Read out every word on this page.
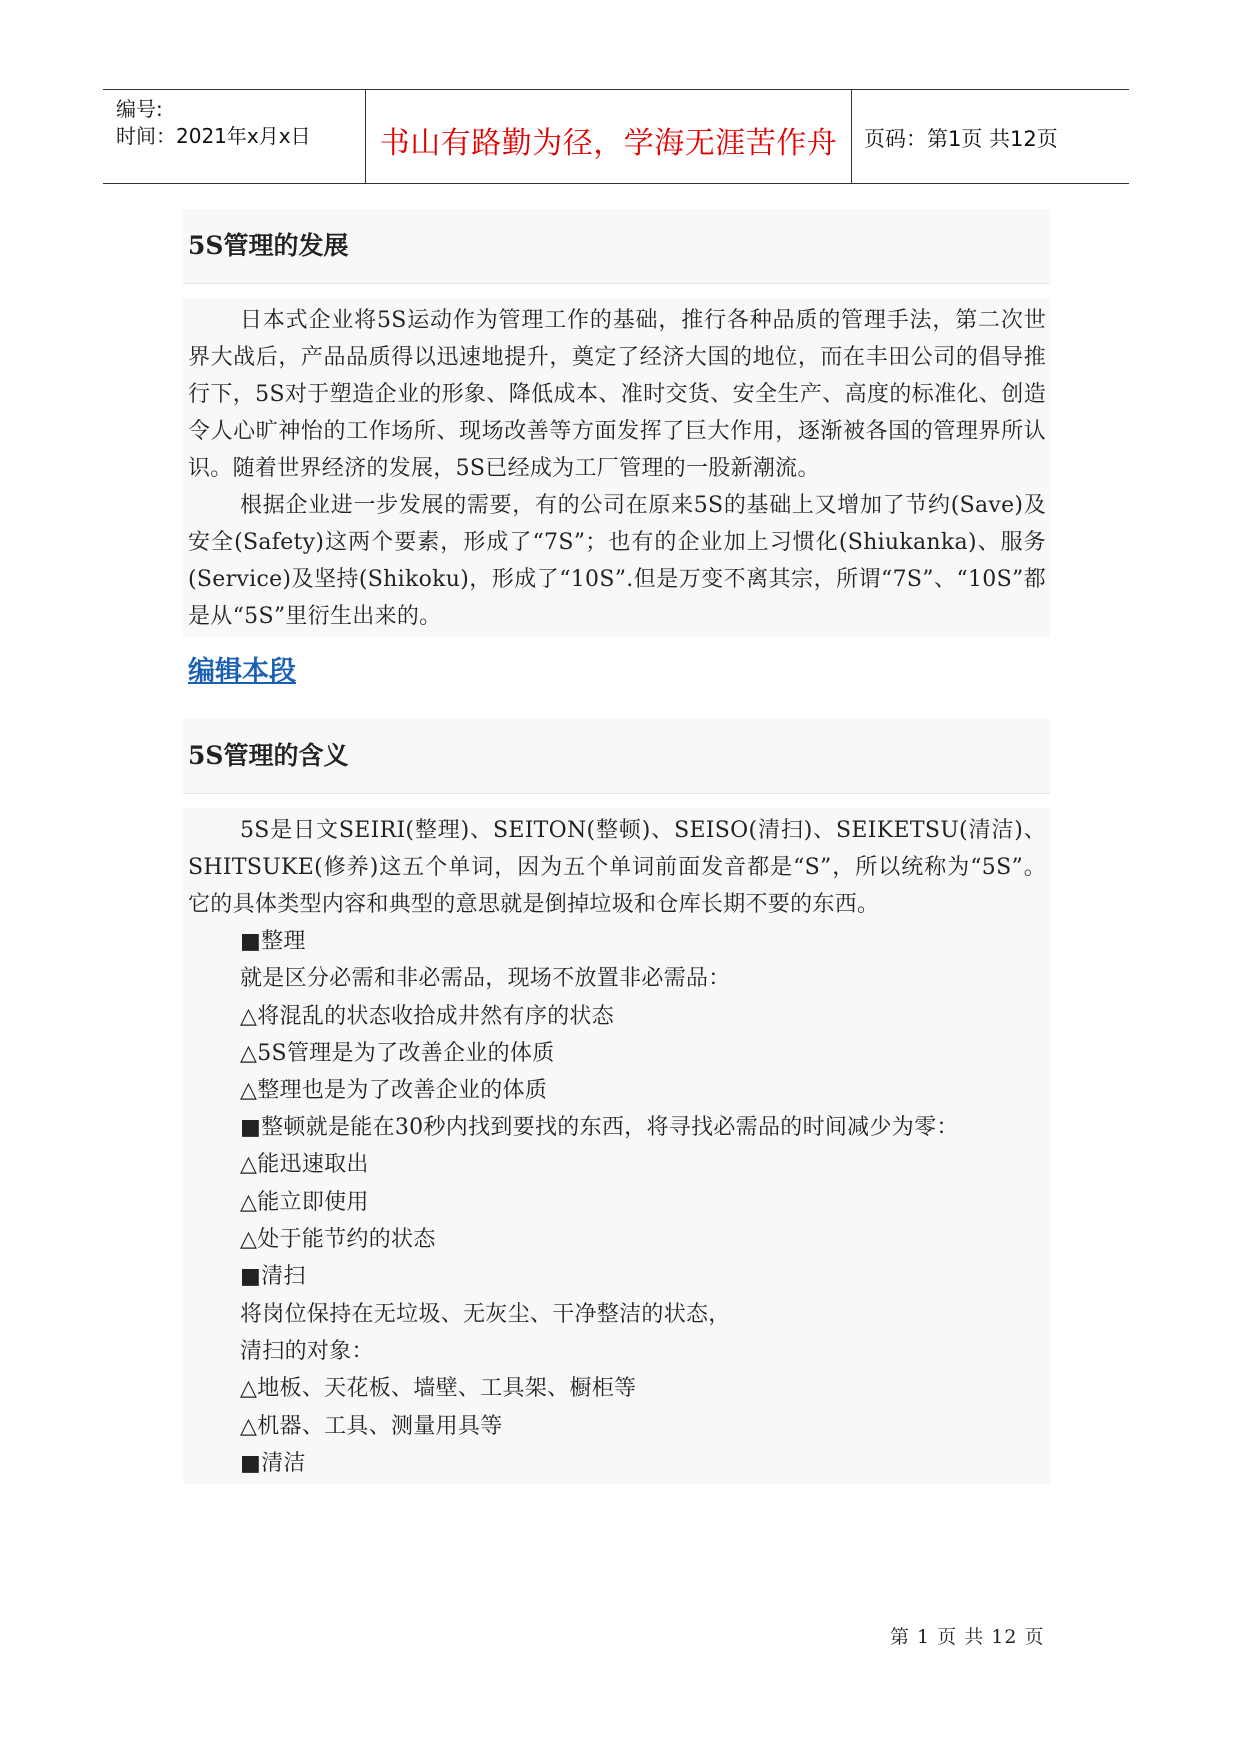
编号:
时间：2021年x月x日	书山有路勤为径，学海无涯苦作舟	页码：第1页 共12页
5S管理的发展

日本式企业将5S运动作为管理工作的基础，推行各种品质的管理手法，第二次世界大战后，产品品质得以迅速地提升，奠定了经济大国的地位，而在丰田公司的倡导推行下，5S对于塑造企业的形象、降低成本、准时交货、安全生产、高度的标准化、创造令人心旷神怡的工作场所、现场改善等方面发挥了巨大作用，逐渐被各国的管理界所认识。随着世界经济的发展，5S已经成为工厂管理的一股新潮流。

根据企业进一步发展的需要，有的公司在原来5S的基础上又增加了节约(Save)及安全(Safety)这两个要素，形成了“7S”；也有的企业加上习惯化(Shiukanka)、服务(Service)及坚持(Shikoku)，形成了“10S”.但是万变不离其宗，所谓“7S”、“10S”都是从“5S”里衍生出来的。

编辑本段
5S管理的含义

5S是日文SEIRI(整理)、SEITON(整顿)、SEISO(清扫)、SEIKETSU(清洁)、SHITSUKE(修养)这五个单词，因为五个单词前面发音都是“S”，所以统称为“5S”。它的具体类型内容和典型的意思就是倒掉垃圾和仓库长期不要的东西。

■整理

就是区分必需和非必需品，现场不放置非必需品：

△将混乱的状态收拾成井然有序的状态

△5S管理是为了改善企业的体质

△整理也是为了改善企业的体质

■整顿就是能在30秒内找到要找的东西，将寻找必需品的时间减少为零：

△能迅速取出

△能立即使用

△处于能节约的状态

■清扫

将岗位保持在无垃圾、无灰尘、干净整洁的状态，

清扫的对象：

△地板、天花板、墙壁、工具架、橱柜等

△机器、工具、测量用具等

■清洁

第 1 页 共 12 页
